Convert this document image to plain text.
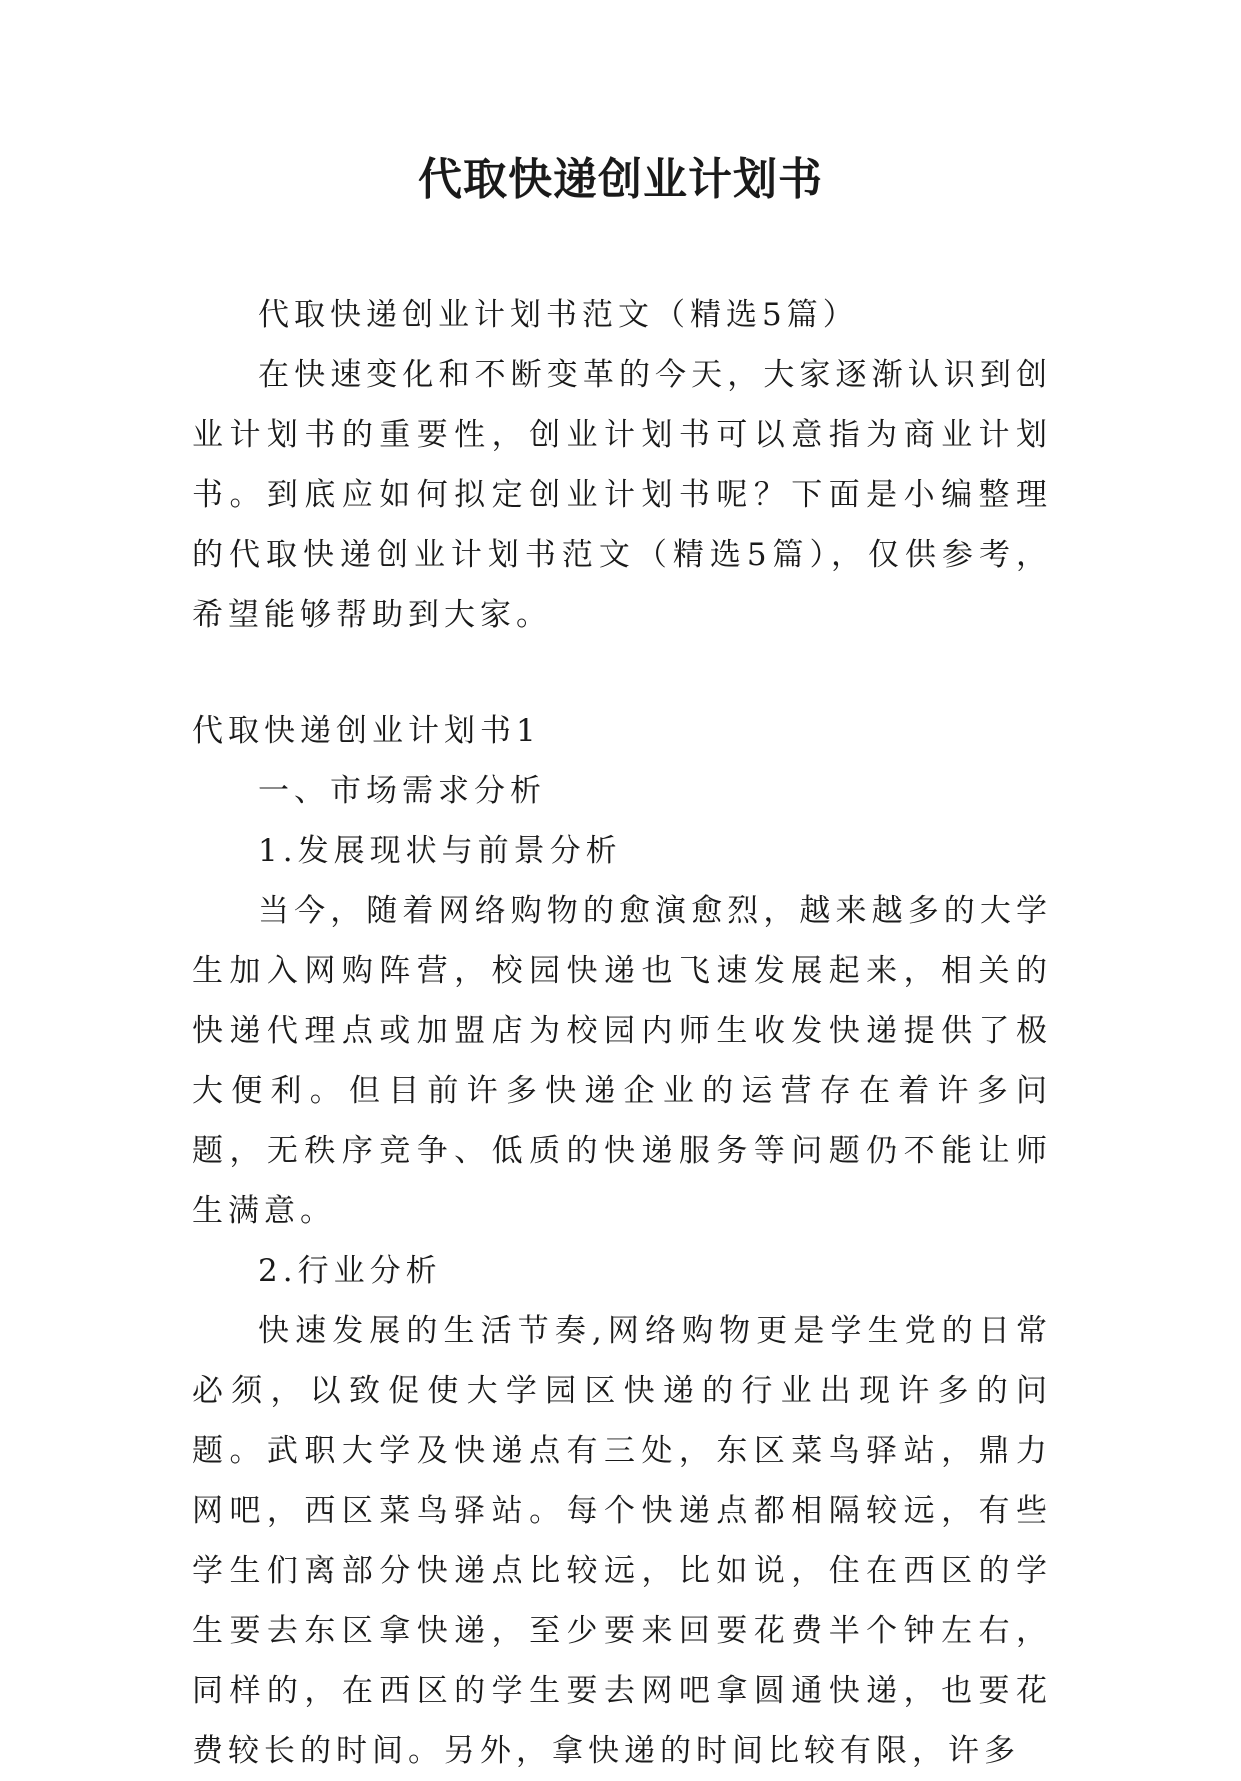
代取快递创业计划书

代取快递创业计划书范文（精选5篇）

在快速变化和不断变革的今天，大家逐渐认识到创业计划书的重要性，创业计划书可以意指为商业计划书。到底应如何拟定创业计划书呢？下面是小编整理的代取快递创业计划书范文（精选5篇），仅供参考，希望能够帮助到大家。

代取快递创业计划书1

一、市场需求分析

1.发展现状与前景分析

当今，随着网络购物的愈演愈烈，越来越多的大学生加入网购阵营，校园快递也飞速发展起来，相关的快递代理点或加盟店为校园内师生收发快递提供了极大便利。但目前许多快递企业的运营存在着许多问题，无秩序竞争、低质的快递服务等问题仍不能让师生满意。

2.行业分析

快速发展的生活节奏,网络购物更是学生党的日常必须，以致促使大学园区快递的行业出现许多的问题。武职大学及快递点有三处，东区菜鸟驿站，鼎力网吧，西区菜鸟驿站。每个快递点都相隔较远，有些学生们离部分快递点比较远，比如说，住在西区的学生要去东区拿快递，至少要来回要花费半个钟左右，同样的，在西区的学生要去网吧拿圆通快递，也要花费较长的时间。另外，拿快递的时间比较有限，许多
